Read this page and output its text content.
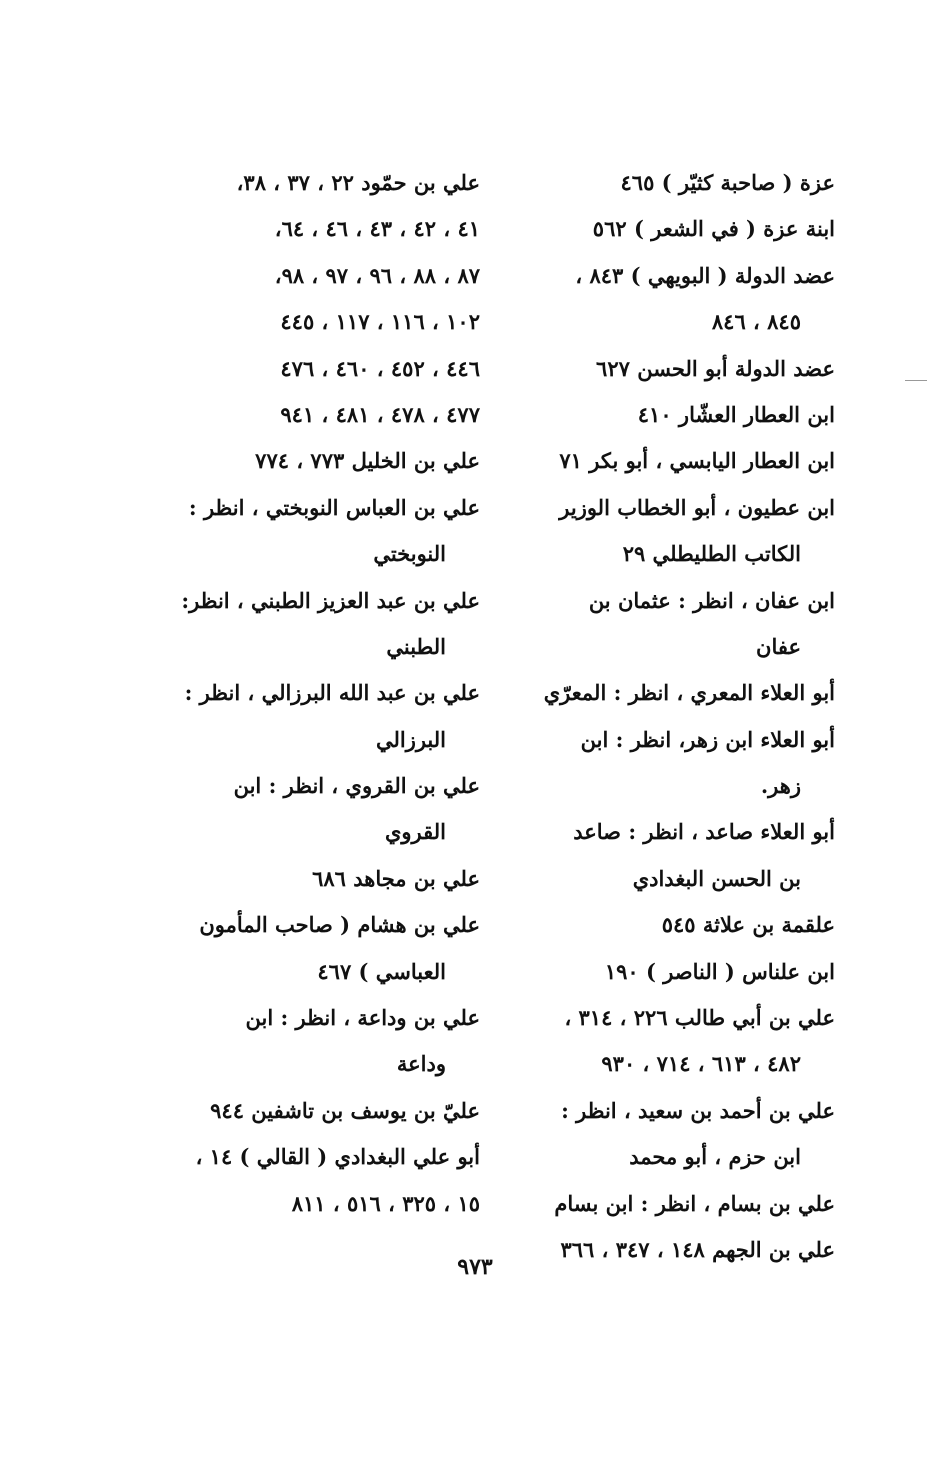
عزة ( صاحبة كثيّر ) ٤٦٥
ابنة عزة ( في الشعر ) ٥٦٢
عضد الدولة ( البويهي ) ٨٤٣ ،
٨٤٥ ، ٨٤٦
عضد الدولة أبو الحسن ٦٢٧
ابن العطار العشّار ٤١٠
ابن العطار اليابسي ، أبو بكر ٧١
ابن عطيون ، أبو الخطاب الوزير
الكاتب الطليطلي ٢٩
ابن عفان ، انظر : عثمان بن
عفان
أبو العلاء المعري ، انظر : المعرّي
أبو العلاء ابن زهر، انظر : ابن
زهر.
أبو العلاء صاعد ، انظر : صاعد
بن الحسن البغدادي
علقمة بن علاثة ٥٤٥
ابن علناس ( الناصر ) ١٩٠
علي بن أبي طالب ٢٢٦ ، ٣١٤ ،
٤٨٢ ، ٦١٣ ، ٧١٤ ، ٩٣٠
علي بن أحمد بن سعيد ، انظر :
ابن حزم ، أبو محمد
علي بن بسام ، انظر : ابن بسام
علي بن الجهم ١٤٨ ، ٣٤٧ ، ٣٦٦
علي بن حمّود ٢٢ ، ٣٧ ، ٣٨،
٤١ ، ٤٢ ، ٤٣ ، ٤٦ ، ٦٤،
٨٧ ، ٨٨ ، ٩٦ ، ٩٧ ، ٩٨،
١٠٢ ، ١١٦ ، ١١٧ ، ٤٤٥
٤٤٦ ، ٤٥٢ ، ٤٦٠ ، ٤٧٦
٤٧٧ ، ٤٧٨ ، ٤٨١ ، ٩٤١
علي بن الخليل ٧٧٣ ، ٧٧٤
علي بن العباس النوبختي ، انظر :
النوبختي
علي بن عبد العزيز الطبني ، انظر:
الطبني
علي بن عبد الله البرزالي ، انظر :
البرزالي
علي بن القروي ، انظر : ابن
القروي
علي بن مجاهد ٦٨٦
علي بن هشام ( صاحب المأمون
العباسي ) ٤٦٧
علي بن وداعة ، انظر : ابن
وداعة
عليّ بن يوسف بن تاشفين ٩٤٤
أبو علي البغدادي ( القالي ) ١٤ ،
١٥ ، ٣٢٥ ، ٥١٦ ، ٨١١
٩٧٣
